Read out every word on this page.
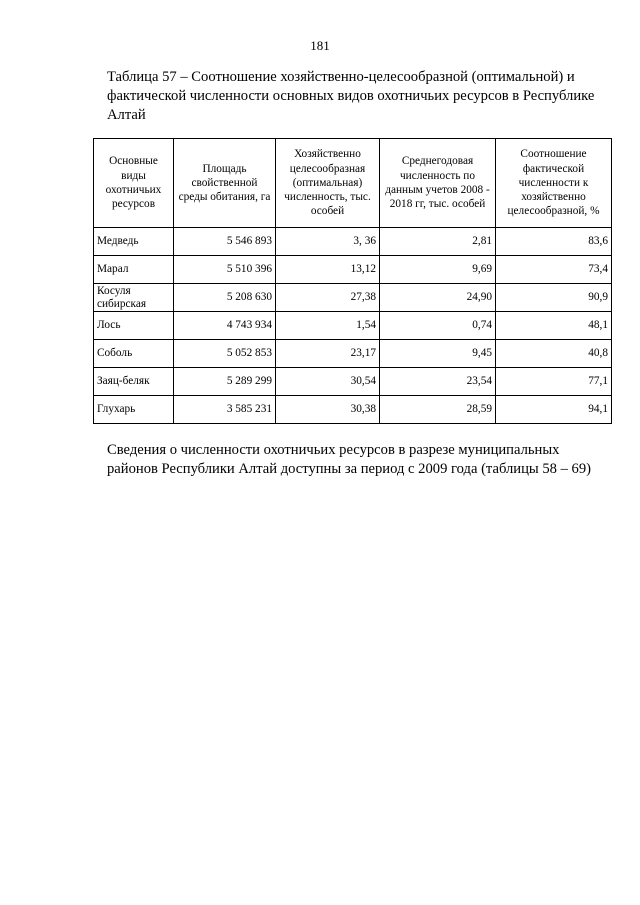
181
Таблица 57 – Соотношение хозяйственно-целесообразной (оптимальной) и фактической численности основных видов охотничьих ресурсов в Республике Алтай
Основные виды охотничьих ресурсов	Площадь свойственной среды обитания, га	Хозяйственно целесообразная (оптимальная) численность, тыс. особей	Среднегодовая численность по данным учетов 2008 - 2018 гг, тыс. особей	Соотношение фактической численности к хозяйственно целесообразной, %
Медведь	5 546 893	3, 36	2,81	83,6
Марал	5 510 396	13,12	9,69	73,4
Косуля сибирская	5 208 630	27,38	24,90	90,9
Лось	4 743 934	1,54	0,74	48,1
Соболь	5 052 853	23,17	9,45	40,8
Заяц-беляк	5 289 299	30,54	23,54	77,1
Глухарь	3 585 231	30,38	28,59	94,1
Сведения о численности охотничьих ресурсов в разрезе муниципальных районов Республики Алтай доступны за период с 2009 года (таблицы 58 – 69)
